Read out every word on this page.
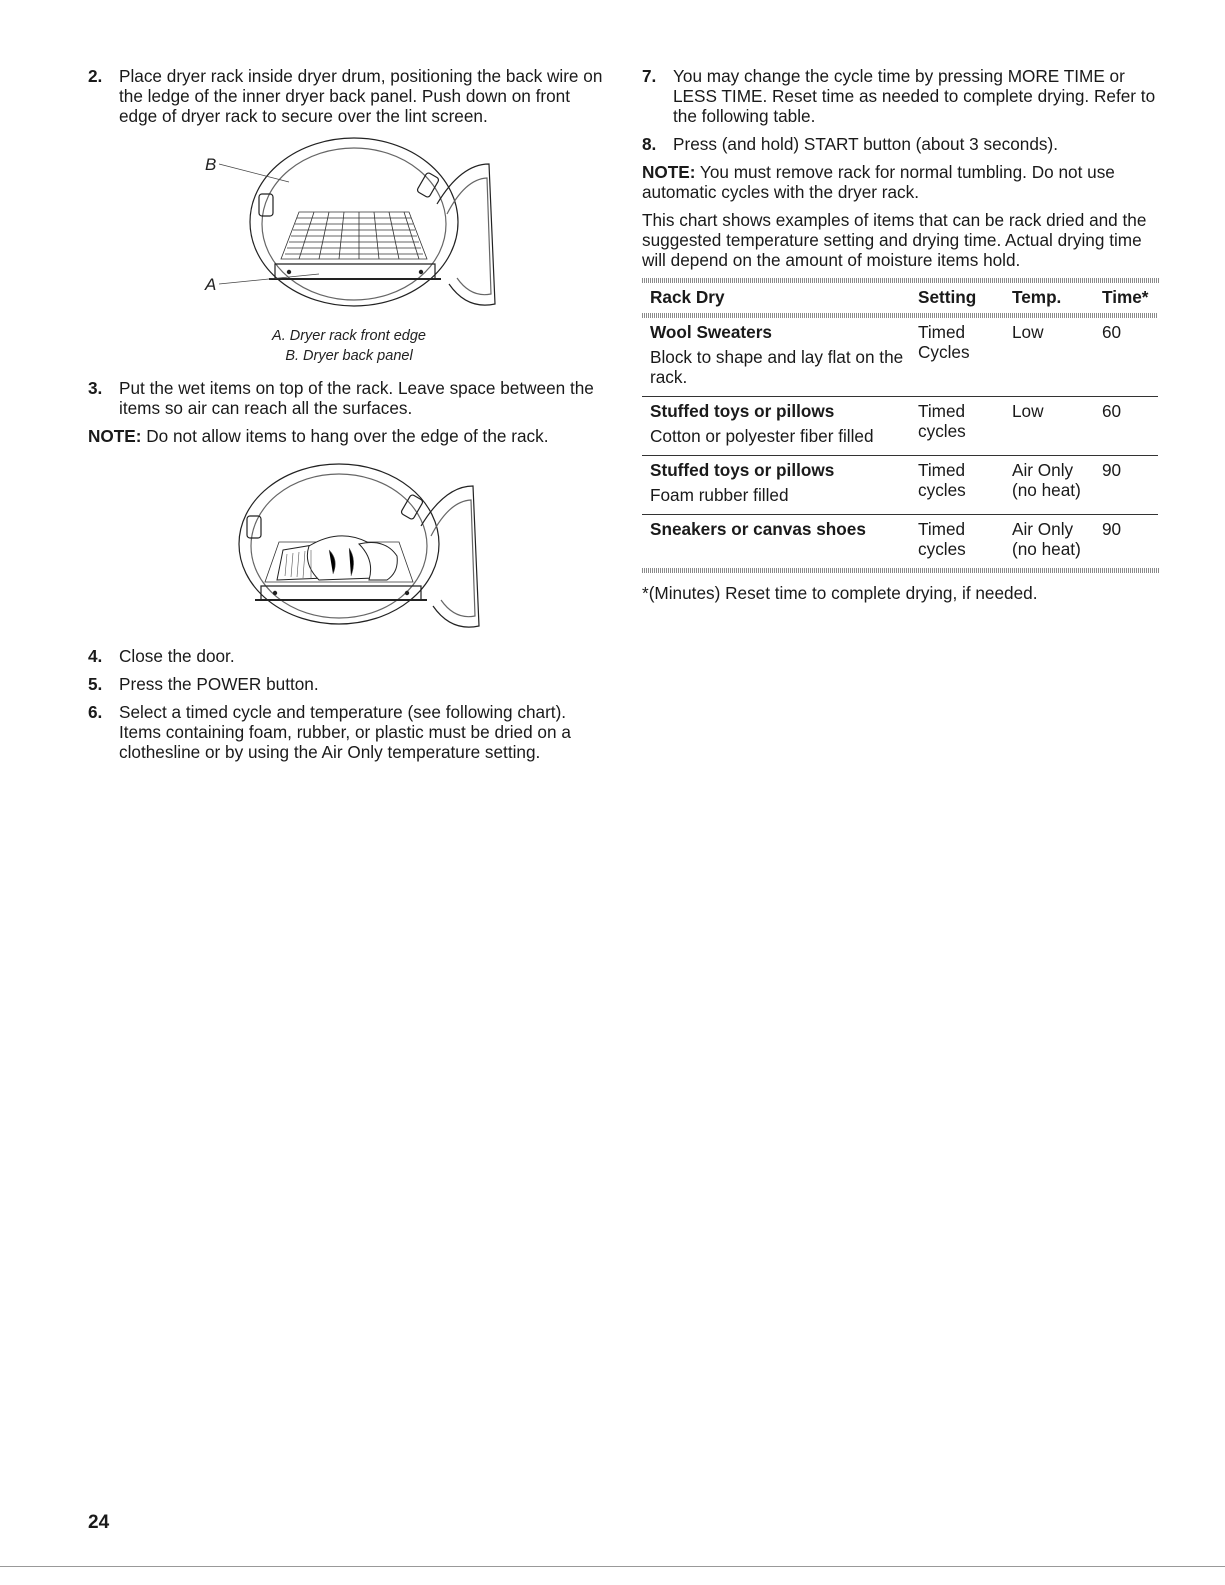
2. Place dryer rack inside dryer drum, positioning the back wire on the ledge of the inner dryer back panel. Push down on front edge of dryer rack to secure over the lint screen.
B
A
A. Dryer rack front edge
B. Dryer back panel
3. Put the wet items on top of the rack. Leave space between the items so air can reach all the surfaces.
NOTE: Do not allow items to hang over the edge of the rack.
4. Close the door.
5. Press the POWER button.
6. Select a timed cycle and temperature (see following chart). Items containing foam, rubber, or plastic must be dried on a clothesline or by using the Air Only temperature setting.
7. You may change the cycle time by pressing MORE TIME or LESS TIME. Reset time as needed to complete drying. Refer to the following table.
8. Press (and hold) START button (about 3 seconds).
NOTE: You must remove rack for normal tumbling. Do not use automatic cycles with the dryer rack.
This chart shows examples of items that can be rack dried and the suggested temperature setting and drying time. Actual drying time will depend on the amount of moisture items hold.
Rack Dry	Setting	Temp.	Time*

Wool Sweaters
Block to shape and lay flat on the rack.	Timed Cycles	Low	60

Stuffed toys or pillows
Cotton or polyester fiber filled	Timed cycles	Low	60

Stuffed toys or pillows
Foam rubber filled	Timed cycles	Air Only (no heat)	90

Sneakers or canvas shoes	Timed cycles	Air Only (no heat)	90
*(Minutes) Reset time to complete drying, if needed.
24
